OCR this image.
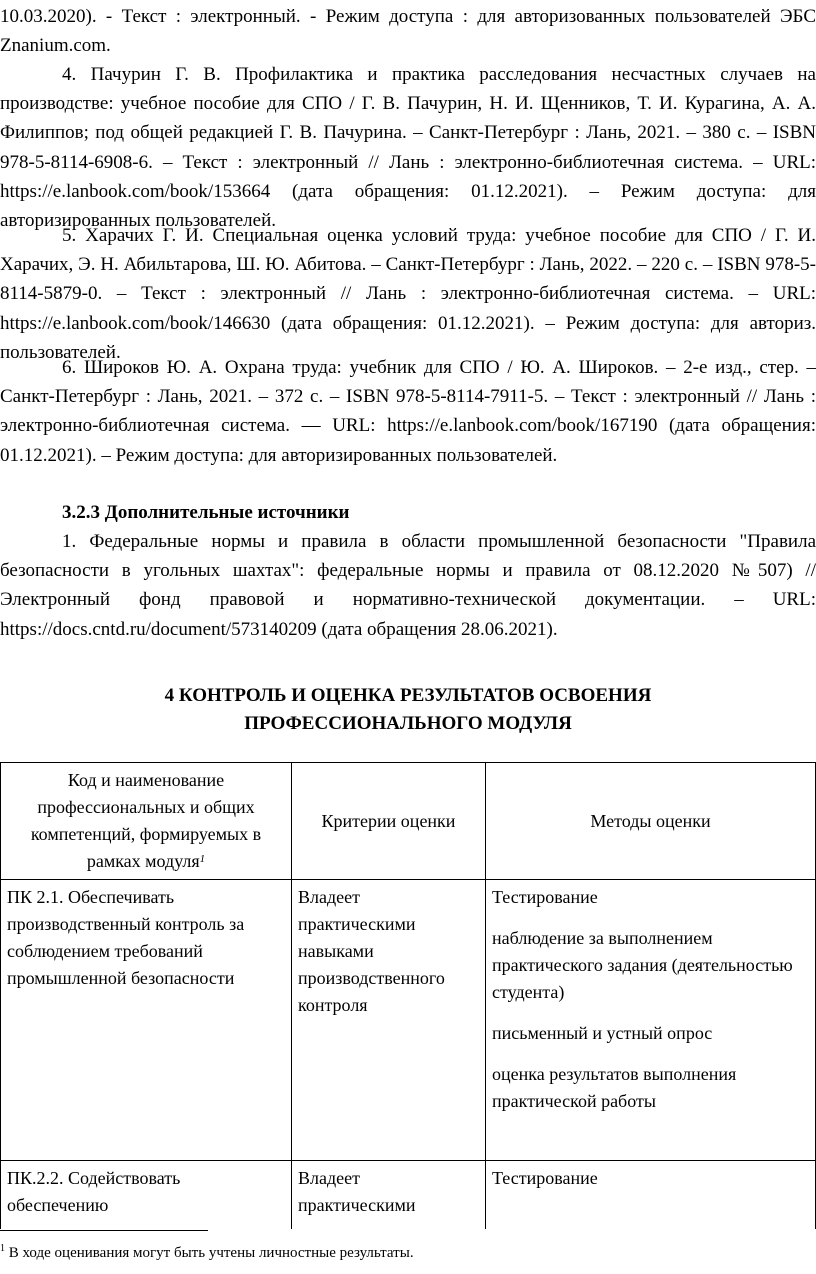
10.03.2020). - Текст : электронный. - Режим доступа : для авторизованных пользователей ЭБС Znanium.com.

4. Пачурин Г. В. Профилактика и практика расследования несчастных случаев на производстве: учебное пособие для СПО / Г. В. Пачурин, Н. И. Щенников, Т. И. Курагина, А. А. Филиппов; под общей редакцией Г. В. Пачурина. – Санкт-Петербург : Лань, 2021. – 380 с. – ISBN 978-5-8114-6908-6. – Текст : электронный // Лань : электронно-библиотечная система. – URL: https://e.lanbook.com/book/153664 (дата обращения: 01.12.2021). – Режим доступа: для авторизированных пользователей.

5. Харачих Г. И. Специальная оценка условий труда: учебное пособие для СПО / Г. И. Харачих, Э. Н. Абильтарова, Ш. Ю. Абитова. – Санкт-Петербург : Лань, 2022. – 220 с. – ISBN 978-5-8114-5879-0. – Текст : электронный // Лань : электронно-библиотечная система. – URL: https://e.lanbook.com/book/146630 (дата обращения: 01.12.2021). – Режим доступа: для авториз. пользователей.

6. Широков Ю. А. Охрана труда: учебник для СПО / Ю. А. Широков. – 2-е изд., стер. – Санкт-Петербург : Лань, 2021. – 372 с. – ISBN 978-5-8114-7911-5. – Текст : электронный // Лань : электронно-библиотечная система. — URL: https://e.lanbook.com/book/167190 (дата обращения: 01.12.2021). – Режим доступа: для авторизированных пользователей.

3.2.3 Дополнительные источники

1. Федеральные нормы и правила в области промышленной безопасности "Правила безопасности в угольных шахтах": федеральные нормы и правила от 08.12.2020 №507) // Электронный фонд правовой и нормативно-технической документации. – URL: https://docs.cntd.ru/document/573140209 (дата обращения 28.06.2021).

4 КОНТРОЛЬ И ОЦЕНКА РЕЗУЛЬТАТОВ ОСВОЕНИЯ
ПРОФЕССИОНАЛЬНОГО МОДУЛЯ
Код и наименование профессиональных и общих компетенций, формируемых в рамках модуля$^1$	Критерии оценки	Методы оценки
ПК 2.1. Обеспечивать производственный контроль за соблюдением требований промышленной безопасности	Владеет практическими навыками производственного контроля	Тестирование

наблюдение за выполнением практического задания (деятельностью студента)

письменный и устный опрос

оценка результатов выполнения практической работы

ПК.2.2. Содействовать обеспечению	Владеет практическими	Тестирование
$^1$ В ходе оценивания могут быть учтены личностные результаты.
